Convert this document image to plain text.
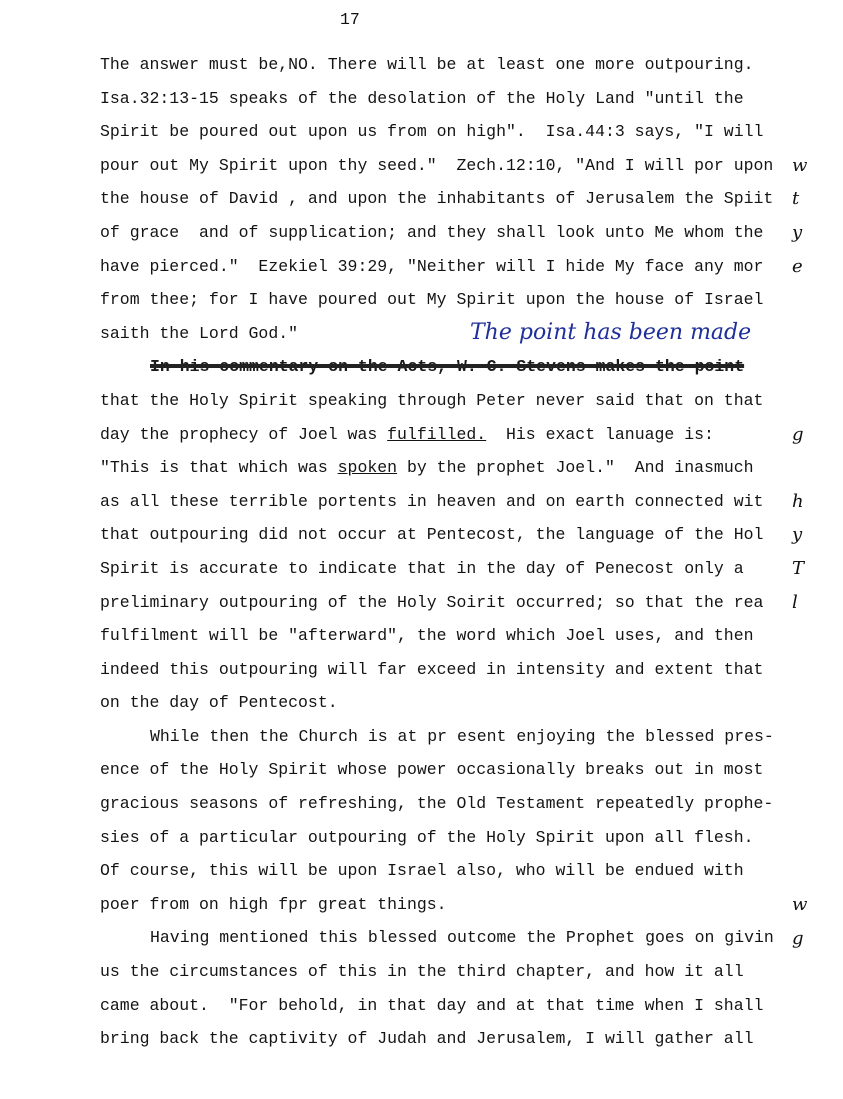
17
The answer must be,NO. There will be at least one more outpouring.
Isa.32:13-15 speaks of the desolation of the Holy Land "until the
Spirit be poured out upon us from on high".  Isa.44:3 says, "I will
pour out My Spirit upon thy seed."  Zech.12:10, "And I will por upon
the house of David , and upon the inhabitants of Jerusalem the Spiit
of grace  and of supplication; and they shall look unto Me whom the
have pierced."  Ezekiel 39:29, "Neither will I hide My face any mor
from thee; for I have poured out My Spirit upon the house of Israel
saith the Lord God."
In his commentary on the Acts, W. C. Stevens makes the point
that the Holy Spirit speaking through Peter never said that on that
day the prophecy of Joel was fulfilled.  His exact lanuage is:
"This is that which was spoken by the prophet Joel."  And inasmuch
as all these terrible portents in heaven and on earth connected wit
that outpouring did not occur at Pentecost, the language of the Hol
Spirit is accurate to indicate that in the day of Penecost only a
preliminary outpouring of the Holy Soirit occurred; so that the rea
fulfilment will be "afterward", the word which Joel uses, and then
indeed this outpouring will far exceed in intensity and extent that
on the day of Pentecost.
While then the Church is at pr esent enjoying the blessed pres-
ence of the Holy Spirit whose power occasionally breaks out in most
gracious seasons of refreshing, the Old Testament repeatedly prophe-
sies of a particular outpouring of the Holy Spirit upon all flesh.
Of course, this will be upon Israel also, who will be endued with
poer from on high fpr great things.
Having mentioned this blessed outcome the Prophet goes on givin
us the circumstances of this in the third chapter, and how it all
came about.  "For behold, in that day and at that time when I shall
bring back the captivity of Judah and Jerusalem, I will gather all
The point has been made
w
t
y
e
g
h
y
T
l
w
g
